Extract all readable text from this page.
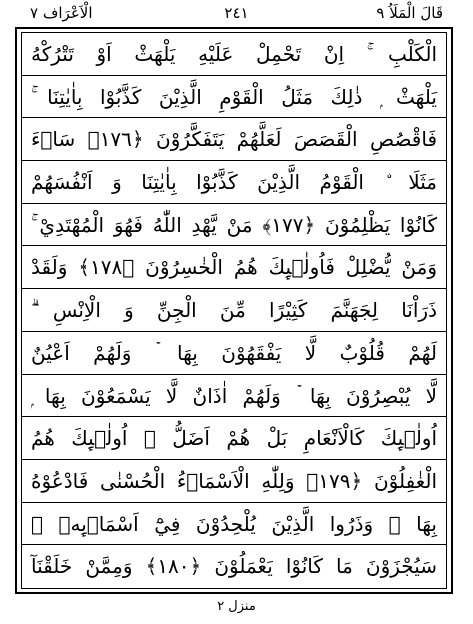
الْاَعْرَاف ٧	٢٤١	قَالَ الْمَلَاُ ٩
الْكَلْبِ ۚ اِنْ تَحْمِلْ عَلَيْهِ يَلْهَثْ اَوْ تَتْرُكْهُ
يَلْهَثْ ۭ ذٰلِكَ مَثَلُ الْقَوْمِ الَّذِيْنَ كَذَّبُوْا بِاٰيٰتِنَا ۚ
فَاقْصُصِ الْقَصَصَ لَعَلَّهُمْ يَتَفَكَّرُوْنَ ﴿١٧٦﴾ سَاۗءَ
مَثَلَا ۨ الْقَوْمُ الَّذِيْنَ كَذَّبُوْا بِاٰيٰتِنَا وَ اَنْفُسَهُمْ
كَانُوْا يَظْلِمُوْنَ ﴿١٧٧﴾ مَنْ يَّهْدِ اللّٰهُ فَهُوَ الْمُهْتَدِيْ ۚ
وَمَنْ يُّضْلِلْ فَاُولٰۗىِٕكَ هُمُ الْخٰسِرُوْنَ ﴿١٧٨﴾ وَلَقَدْ
ذَرَاْنَا لِجَهَنَّمَ كَثِيْرًا مِّنَ الْجِنِّ وَ الْاِنْسِ ۗ
لَهُمْ قُلُوْبٌ لَّا يَفْقَهُوْنَ بِهَا ۡ وَلَهُمْ اَعْيُنٌ
لَّا يُبْصِرُوْنَ بِهَا ۡ وَلَهُمْ اٰذَانٌ لَّا يَسْمَعُوْنَ بِهَا ۭ
اُولٰۗىِٕكَ كَالْاَنْعَامِ بَلْ هُمْ اَضَلُّ ۭ اُولٰۗىِٕكَ هُمُ
الْغٰفِلُوْنَ ﴿١٧٩﴾ وَلِلّٰهِ الْاَسْمَاۗءُ الْحُسْنٰى فَادْعُوْهُ
بِهَا ۠ وَذَرُوا الَّذِيْنَ يُلْحِدُوْنَ فِيْٓ اَسْمَاۗىِٕهٖ ۭ
سَيُجْزَوْنَ مَا كَانُوْا يَعْمَلُوْنَ ﴿١٨٠﴾ وَمِمَّنْ خَلَقْنَآ
منزل ٢
